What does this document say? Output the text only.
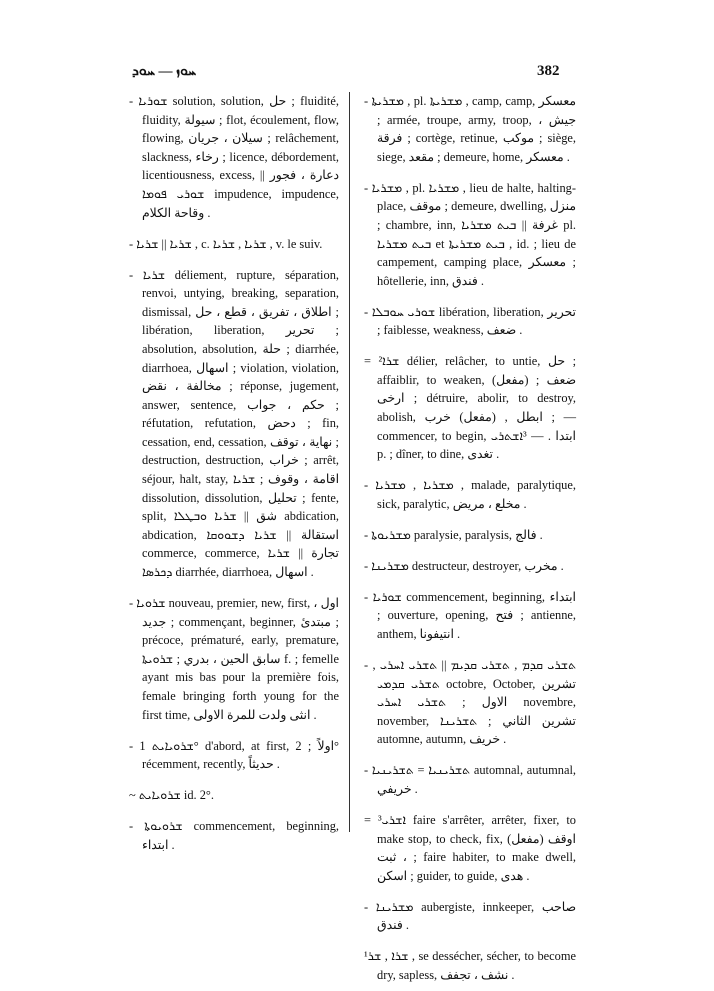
ܚܘܙ — ܚܘܕ	382

- ܫܘܪܝܐ solution, solution, حل ; fluidité, fluidity, سيولة ; flot, écoulement, flow, flowing, سيلان ، جريان ; relâchement, slackness, رخاء ; licence, débordement, licentiousness, excess, دعارة ، فجور || ܫܘܪܝ ܦܘܡܐ impudence, impudence, وقاحة الكلام .

- ܫܪܝܐ || ܫܪܝܐ , c. ܫܪܝܐ , ܫܪܝܐ , v. le suiv.

- ܫܪܝܐ déliement, rupture, séparation, renvoi, untying, breaking, separation, dismissal, اطلاق ، تفريق ، قطع ، حل ; libération, liberation, تحرير ; absolution, absolution, حلة ; diarrhée, diarrhoea, اسهال ; violation, violation, مخالفة ، نقض ; réponse, jugement, answer, sentence, حكم ، جواب ; réfutation, refutation, دحض ; fin, cessation, end, cessation, نهاية ، توقف ; destruction, destruction, خراب ; arrêt, séjour, halt, stay, اقامة ، وقوف ; ܫܪܝܐ dissolution, dissolution, تحليل ; fente, split, شق || ܫܪܝܐ ܘܒܛܠܐ abdication, abdication, استقالة || ܫܪܝܐ ܕܫܘܘܩܐ commerce, commerce, تجارة || ܫܪܝܐ ܕܟܪܣܐ diarrhée, diarrhoea, اسهال .

- ܫܪܘܝܐ nouveau, premier, new, first, اول ، جديد ; commençant, beginner, مبتدئ ; précoce, prématuré, early, premature, سابق الحين ، بدري ; ܫܪܘܝܬܐ f. ; femelle ayant mis bas pour la première fois, female bringing forth young for the first time, انثى ولدت للمرة الاولى .

- ܫܪܘܝܐܝܬ 1° d'abord, at first, اولاً ; 2° récemment, recently, حديثاً .

~ ܫܪܘܝܐܝܬ id. 2°.

- ܫܪܘܝܘܬܐ commencement, beginning, ابتداء .

- ܡܫܪܝܬܐ , pl. ܡܫܪܝܬܐ , camp, camp, معسكر ; armée, troupe, army, troop, جيش ، فرقة ; cortège, retinue, موكب ; siège, siege, مقعد ; demeure, home, معسكر .

- ܡܫܪܝܐ , pl. ܡܫܪܝܐ , lieu de halte, halting-place, موقف ; demeure, dwelling, منزل ; chambre, inn, غرفة || ܒܝܬ ܡܫܪܝܐ pl. ܒܝܬ ܡܫܪܝܐ et ܒܝܬ ܡܫܪܝܬܐ , id. ; lieu de campement, camping place, معسكر ; hôtellerie, inn, فندق .

- ܫܘܪܝ ܚܘܒܠܐ libération, liberation, تحرير ; faiblesse, weakness, ضعف .

= ²ܫܪܐ délier, relâcher, to untie, حل ; affaiblir, to weaken, (مفعل) ضعف ; ارخى ; détruire, abolir, to destroy, abolish, ابطل , (مفعل) خرب ; — commencer, to begin, ابتدا . — ³ܐܫܬܪܝ p. ; dîner, to dine, تغدى .

- ܡܫܪܝܐ , ܡܫܪܝܐ , malade, paralytique, sick, paralytic, مخلع ، مريض .

- ܡܫܪܝܘܬܐ paralysie, paralysis, فالج .

- ܡܫܪܝܢܐ destructeur, destroyer, مخرب .

- ܫܘܪܝܐ commencement, beginning, ابتداء ; ouverture, opening, فتح ; antienne, anthem, انتيفونا .

- ܬܫܪܝ ܩܕܡ , ܬܫܪܝ ܩܕܝܡ || ܬܫܪܝ ܐܚܪܝ , ܬܫܪܝ ܩܕܡܝ octobre, October, تشرين الاول ; ܬܫܪܝ ܐܚܪܝ novembre, november, تشرين الثاني ; ܬܫܪܝܢܐ automne, autumn, خريف .

- ܬܫܪܝܢܝܐ = ܬܫܪܝܢܝܐ automnal, autumnal, خريفي .

= ³ܐܫܪܝ faire s'arrêter, arrêter, fixer, to make stop, to check, fix, (مفعل) اوقف ، ثبت ; faire habiter, to make dwell, اسكن ; guider, to guide, هدى .

- ܡܫܪܝܢܐ aubergiste, innkeeper, صاحب فندق .

¹ܫܪܐ , ܫܪ , se dessécher, sécher, to become dry, sapless, نشف ، تجفف .
